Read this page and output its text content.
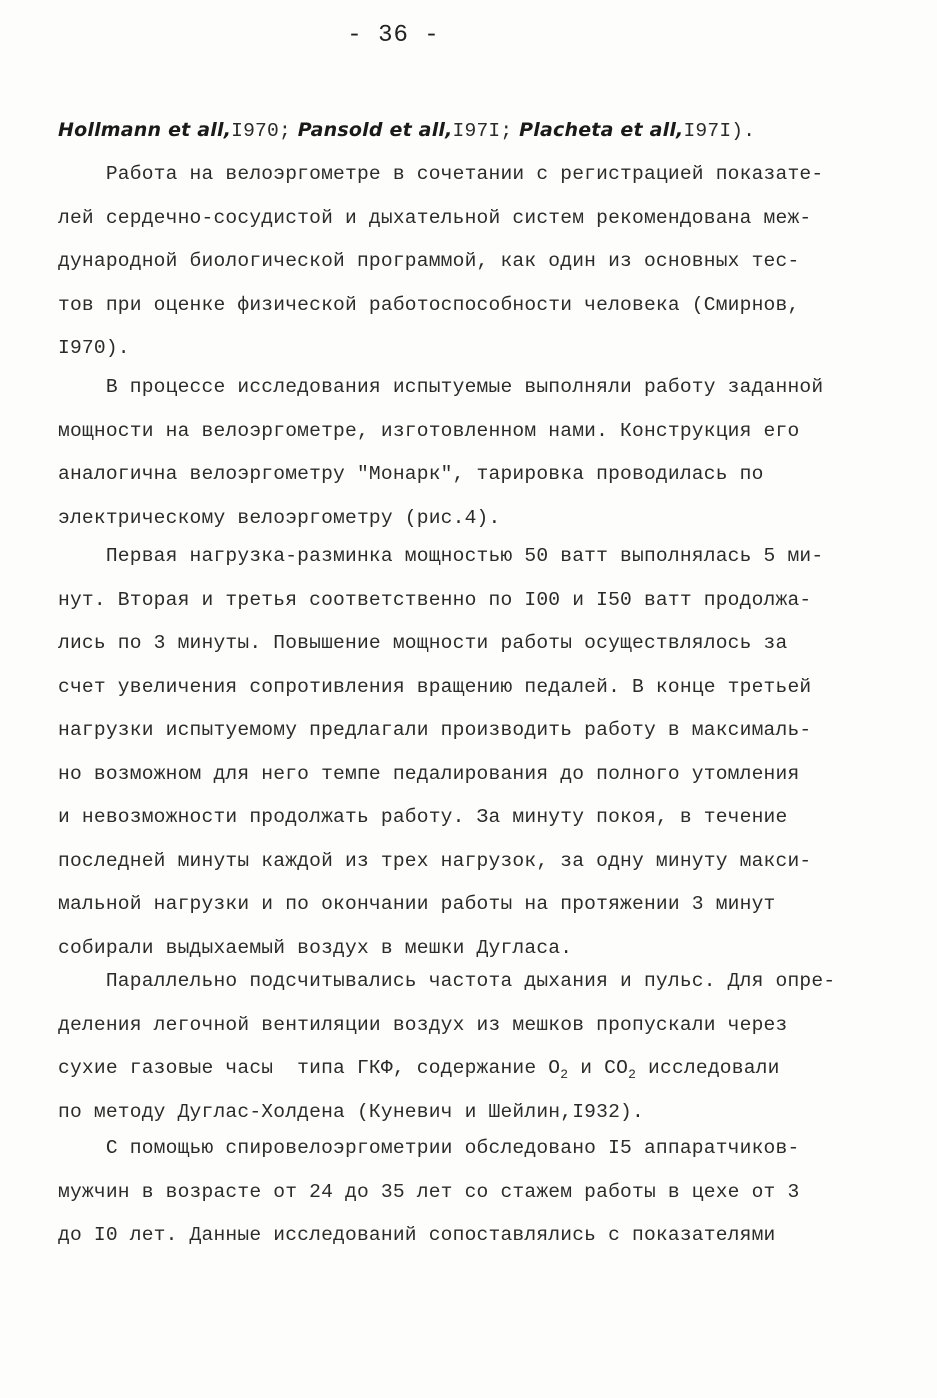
- 36 -
Hollmann et all,I970; Pansold et all,I97I; Placheta et all,I97I).
Работа на велоэргометре в сочетании с регистрацией показате-
лей сердечно-сосудистой и дыхательной систем рекомендована меж-
дународной биологической программой, как один из основных тес-
тов при оценке физической работоспособности человека (Смирнов,
I970).
В процессе исследования испытуемые выполняли работу заданной
мощности на велоэргометре, изготовленном нами. Конструкция его
аналогична велоэргометру "Монарк", тарировка проводилась по
электрическому велоэргометру (рис.4).
Первая нагрузка-разминка мощностью 50 ватт выполнялась 5 ми-
нут. Вторая и третья соответственно по I00 и I50 ватт продолжа-
лись по 3 минуты. Повышение мощности работы осуществлялось за
счет увеличения сопротивления вращению педалей. В конце третьей
нагрузки испытуемому предлагали производить работу в максималь-
но возможном для него темпе педалирования до полного утомления
и невозможности продолжать работу. За минуту покоя, в течение
последней минуты каждой из трех нагрузок, за одну минуту макси-
мальной нагрузки и по окончании работы на протяжении 3 минут
собирали выдыхаемый воздух в мешки Дугласа.
Параллельно подсчитывались частота дыхания и пульс. Для опре-
деления легочной вентиляции воздух из мешков пропускали через
сухие газовые часы  типа ГКФ, содержание $O_2$ и $CO_2$ исследовали
по методу Дуглас-Холдена (Куневич и Шейлин,I932).
С помощью спировелоэргометрии обследовано I5 аппаратчиков-
мужчин в возрасте от 24 до 35 лет со стажем работы в цехе от 3
до I0 лет. Данные исследований сопоставлялись с показателями
